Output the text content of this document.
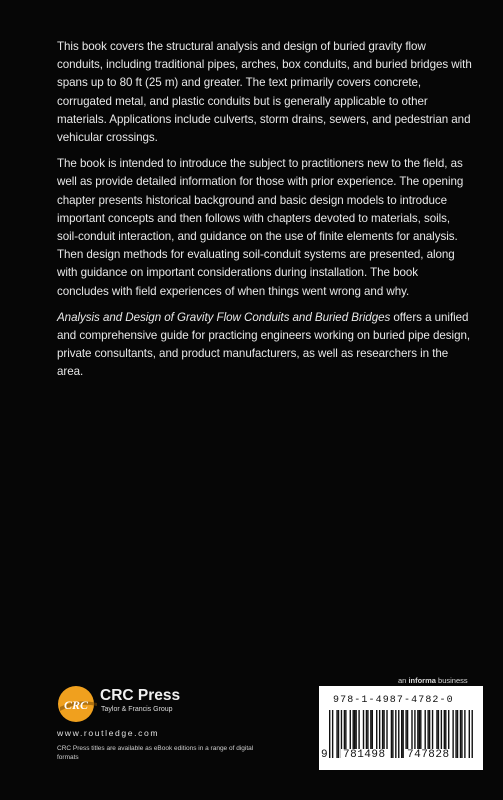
This book covers the structural analysis and design of buried gravity flow conduits, including traditional pipes, arches, box conduits, and buried bridges with spans up to 80 ft (25 m) and greater. The text primarily covers concrete, corrugated metal, and plastic conduits but is generally applicable to other materials. Applications include culverts, storm drains, sewers, and pedestrian and vehicular crossings.

The book is intended to introduce the subject to practitioners new to the field, as well as provide detailed information for those with prior experience. The opening chapter presents historical background and basic design models to introduce important concepts and then follows with chapters devoted to materials, soils, soil-conduit interaction, and guidance on the use of finite elements for analysis. Then design methods for evaluating soil-conduit systems are presented, along with guidance on important considerations during installation. The book concludes with field experiences of when things went wrong and why.

Analysis and Design of Gravity Flow Conduits and Buried Bridges offers a unified and comprehensive guide for practicing engineers working on buried pipe design, private consultants, and product manufacturers, as well as researchers in the area.

an informa business
CRC
CRC Press
Taylor & Francis Group
www.routledge.com
CRC Press titles are available as eBook editions in a range of digital formats
978-1-4987-4782-0
9 781498 747828
